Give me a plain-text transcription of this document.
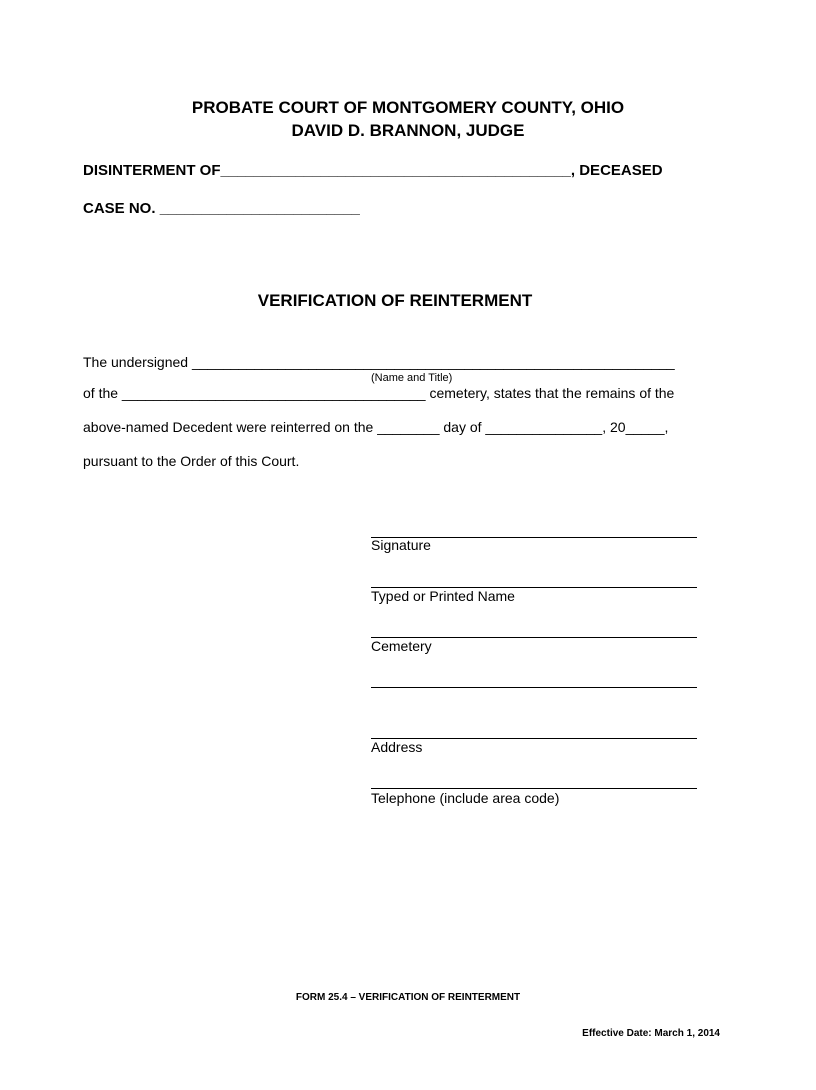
PROBATE COURT OF MONTGOMERY COUNTY, OHIO
DAVID D. BRANNON, JUDGE
DISINTERMENT OF__________________________________________, DECEASED
CASE NO. ________________________
VERIFICATION OF REINTERMENT
The undersigned ______________________________________________________________
(Name and Title)
of the _______________________________________ cemetery, states that the remains of the
above-named Decedent were reinterred on the ________ day of _______________, 20_____,
pursuant to the Order of this Court.
Signature
Typed or Printed Name
Cemetery
Address
Telephone (include area code)
FORM 25.4 – VERIFICATION OF REINTERMENT
Effective Date: March 1, 2014
